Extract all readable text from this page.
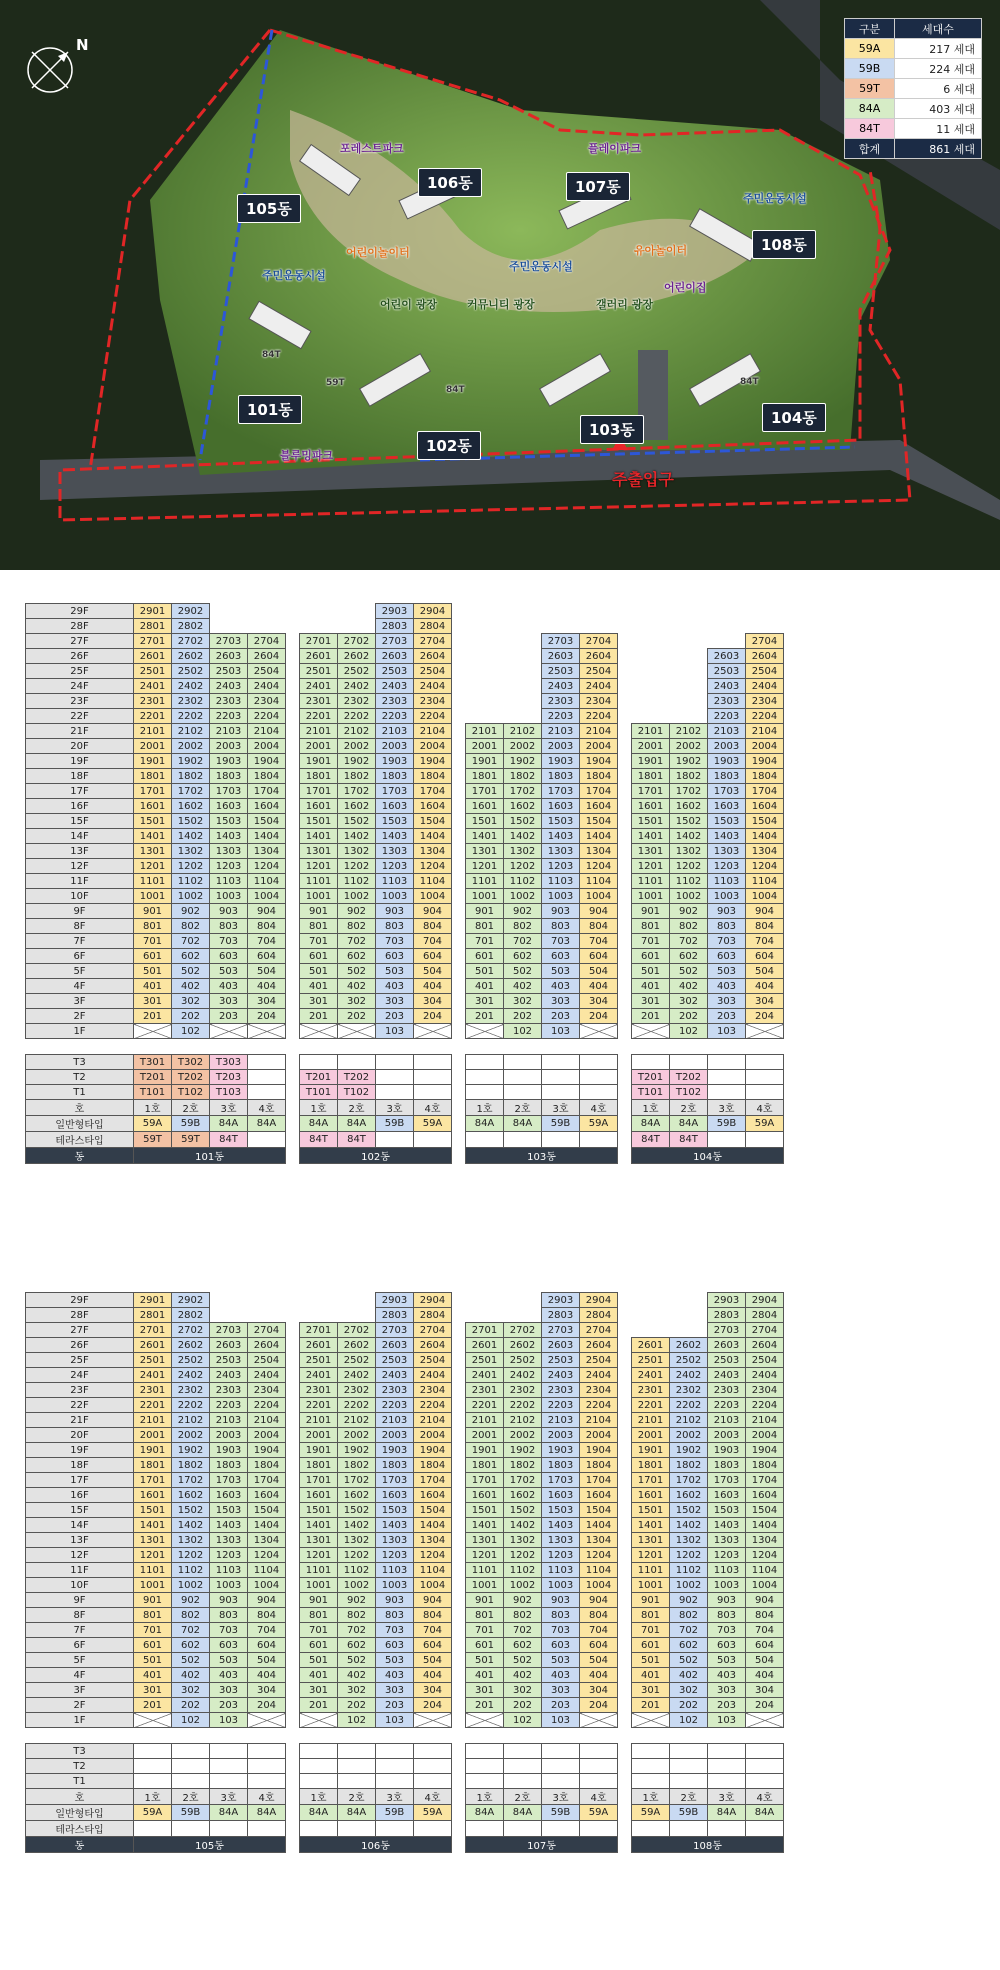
N
101동
102동
103동
104동
105동
106동	107동
108동
포레스트파크	플레이파크
블루밍파크
주민운동시설
주민운동시설
주민운동시설
어린이놀이터	유아놀이터
어린이집
어린이 광장	커뮤니티 광장	갤러리 광장
84T
59T
84T
84T
주출입구
구분	세대수
59A	217 세대
59B	224 세대
59T	6 세대
84A	403 세대
84T	11 세대
합계	861 세대
29F	2901	2902						2903	2904										
28F	2801	2802						2803	2804										
27F	2701	2702	2703	2704		2701	2702	2703	2704				2703	2704					2704
26F	2601	2602	2603	2604		2601	2602	2603	2604				2603	2604				2603	2604
25F	2501	2502	2503	2504		2501	2502	2503	2504				2503	2504				2503	2504
24F	2401	2402	2403	2404		2401	2402	2403	2404				2403	2404				2403	2404
23F	2301	2302	2303	2304		2301	2302	2303	2304				2303	2304				2303	2304
22F	2201	2202	2203	2204		2201	2202	2203	2204				2203	2204				2203	2204
21F	2101	2102	2103	2104		2101	2102	2103	2104		2101	2102	2103	2104		2101	2102	2103	2104
20F	2001	2002	2003	2004		2001	2002	2003	2004		2001	2002	2003	2004		2001	2002	2003	2004
19F	1901	1902	1903	1904		1901	1902	1903	1904		1901	1902	1903	1904		1901	1902	1903	1904
18F	1801	1802	1803	1804		1801	1802	1803	1804		1801	1802	1803	1804		1801	1802	1803	1804
17F	1701	1702	1703	1704		1701	1702	1703	1704		1701	1702	1703	1704		1701	1702	1703	1704
16F	1601	1602	1603	1604		1601	1602	1603	1604		1601	1602	1603	1604		1601	1602	1603	1604
15F	1501	1502	1503	1504		1501	1502	1503	1504		1501	1502	1503	1504		1501	1502	1503	1504
14F	1401	1402	1403	1404		1401	1402	1403	1404		1401	1402	1403	1404		1401	1402	1403	1404
13F	1301	1302	1303	1304		1301	1302	1303	1304		1301	1302	1303	1304		1301	1302	1303	1304
12F	1201	1202	1203	1204		1201	1202	1203	1204		1201	1202	1203	1204		1201	1202	1203	1204
11F	1101	1102	1103	1104		1101	1102	1103	1104		1101	1102	1103	1104		1101	1102	1103	1104
10F	1001	1002	1003	1004		1001	1002	1003	1004		1001	1002	1003	1004		1001	1002	1003	1004
9F	901	902	903	904		901	902	903	904		901	902	903	904		901	902	903	904
8F	801	802	803	804		801	802	803	804		801	802	803	804		801	802	803	804
7F	701	702	703	704		701	702	703	704		701	702	703	704		701	702	703	704
6F	601	602	603	604		601	602	603	604		601	602	603	604		601	602	603	604
5F	501	502	503	504		501	502	503	504		501	502	503	504		501	502	503	504
4F	401	402	403	404		401	402	403	404		401	402	403	404		401	402	403	404
3F	301	302	303	304		301	302	303	304		301	302	303	304		301	302	303	304
2F	201	202	203	204		201	202	203	204		201	202	203	204		201	202	203	204
1F		102						103				102	103				102	103	

T3	T301	T302	T303																
T2	T201	T202	T203			T201	T202									T201	T202		
T1	T101	T102	T103			T101	T102									T101	T102		
호	1호	2호	3호	4호		1호	2호	3호	4호		1호	2호	3호	4호		1호	2호	3호	4호
일반형타입	59A	59B	84A	84A		84A	84A	59B	59A		84A	84A	59B	59A		84A	84A	59B	59A
테라스타입	59T	59T	84T			84T	84T									84T	84T		
동	101동					102동					103동					104동			
29F	2901	2902						2903	2904				2903	2904				2903	2904
28F	2801	2802						2803	2804				2803	2804				2803	2804
27F	2701	2702	2703	2704		2701	2702	2703	2704		2701	2702	2703	2704				2703	2704
26F	2601	2602	2603	2604		2601	2602	2603	2604		2601	2602	2603	2604		2601	2602	2603	2604
25F	2501	2502	2503	2504		2501	2502	2503	2504		2501	2502	2503	2504		2501	2502	2503	2504
24F	2401	2402	2403	2404		2401	2402	2403	2404		2401	2402	2403	2404		2401	2402	2403	2404
23F	2301	2302	2303	2304		2301	2302	2303	2304		2301	2302	2303	2304		2301	2302	2303	2304
22F	2201	2202	2203	2204		2201	2202	2203	2204		2201	2202	2203	2204		2201	2202	2203	2204
21F	2101	2102	2103	2104		2101	2102	2103	2104		2101	2102	2103	2104		2101	2102	2103	2104
20F	2001	2002	2003	2004		2001	2002	2003	2004		2001	2002	2003	2004		2001	2002	2003	2004
19F	1901	1902	1903	1904		1901	1902	1903	1904		1901	1902	1903	1904		1901	1902	1903	1904
18F	1801	1802	1803	1804		1801	1802	1803	1804		1801	1802	1803	1804		1801	1802	1803	1804
17F	1701	1702	1703	1704		1701	1702	1703	1704		1701	1702	1703	1704		1701	1702	1703	1704
16F	1601	1602	1603	1604		1601	1602	1603	1604		1601	1602	1603	1604		1601	1602	1603	1604
15F	1501	1502	1503	1504		1501	1502	1503	1504		1501	1502	1503	1504		1501	1502	1503	1504
14F	1401	1402	1403	1404		1401	1402	1403	1404		1401	1402	1403	1404		1401	1402	1403	1404
13F	1301	1302	1303	1304		1301	1302	1303	1304		1301	1302	1303	1304		1301	1302	1303	1304
12F	1201	1202	1203	1204		1201	1202	1203	1204		1201	1202	1203	1204		1201	1202	1203	1204
11F	1101	1102	1103	1104		1101	1102	1103	1104		1101	1102	1103	1104		1101	1102	1103	1104
10F	1001	1002	1003	1004		1001	1002	1003	1004		1001	1002	1003	1004		1001	1002	1003	1004
9F	901	902	903	904		901	902	903	904		901	902	903	904		901	902	903	904
8F	801	802	803	804		801	802	803	804		801	802	803	804		801	802	803	804
7F	701	702	703	704		701	702	703	704		701	702	703	704		701	702	703	704
6F	601	602	603	604		601	602	603	604		601	602	603	604		601	602	603	604
5F	501	502	503	504		501	502	503	504		501	502	503	504		501	502	503	504
4F	401	402	403	404		401	402	403	404		401	402	403	404		401	402	403	404
3F	301	302	303	304		301	302	303	304		301	302	303	304		301	302	303	304
2F	201	202	203	204		201	202	203	204		201	202	203	204		201	202	203	204
1F		102	103				102	103				102	103				102	103	

T3																			
T2																			
T1																			
호	1호	2호	3호	4호		1호	2호	3호	4호		1호	2호	3호	4호		1호	2호	3호	4호
일반형타입	59A	59B	84A	84A		84A	84A	59B	59A		84A	84A	59B	59A		59A	59B	84A	84A
테라스타입																			
동	105동					106동					107동					108동			
